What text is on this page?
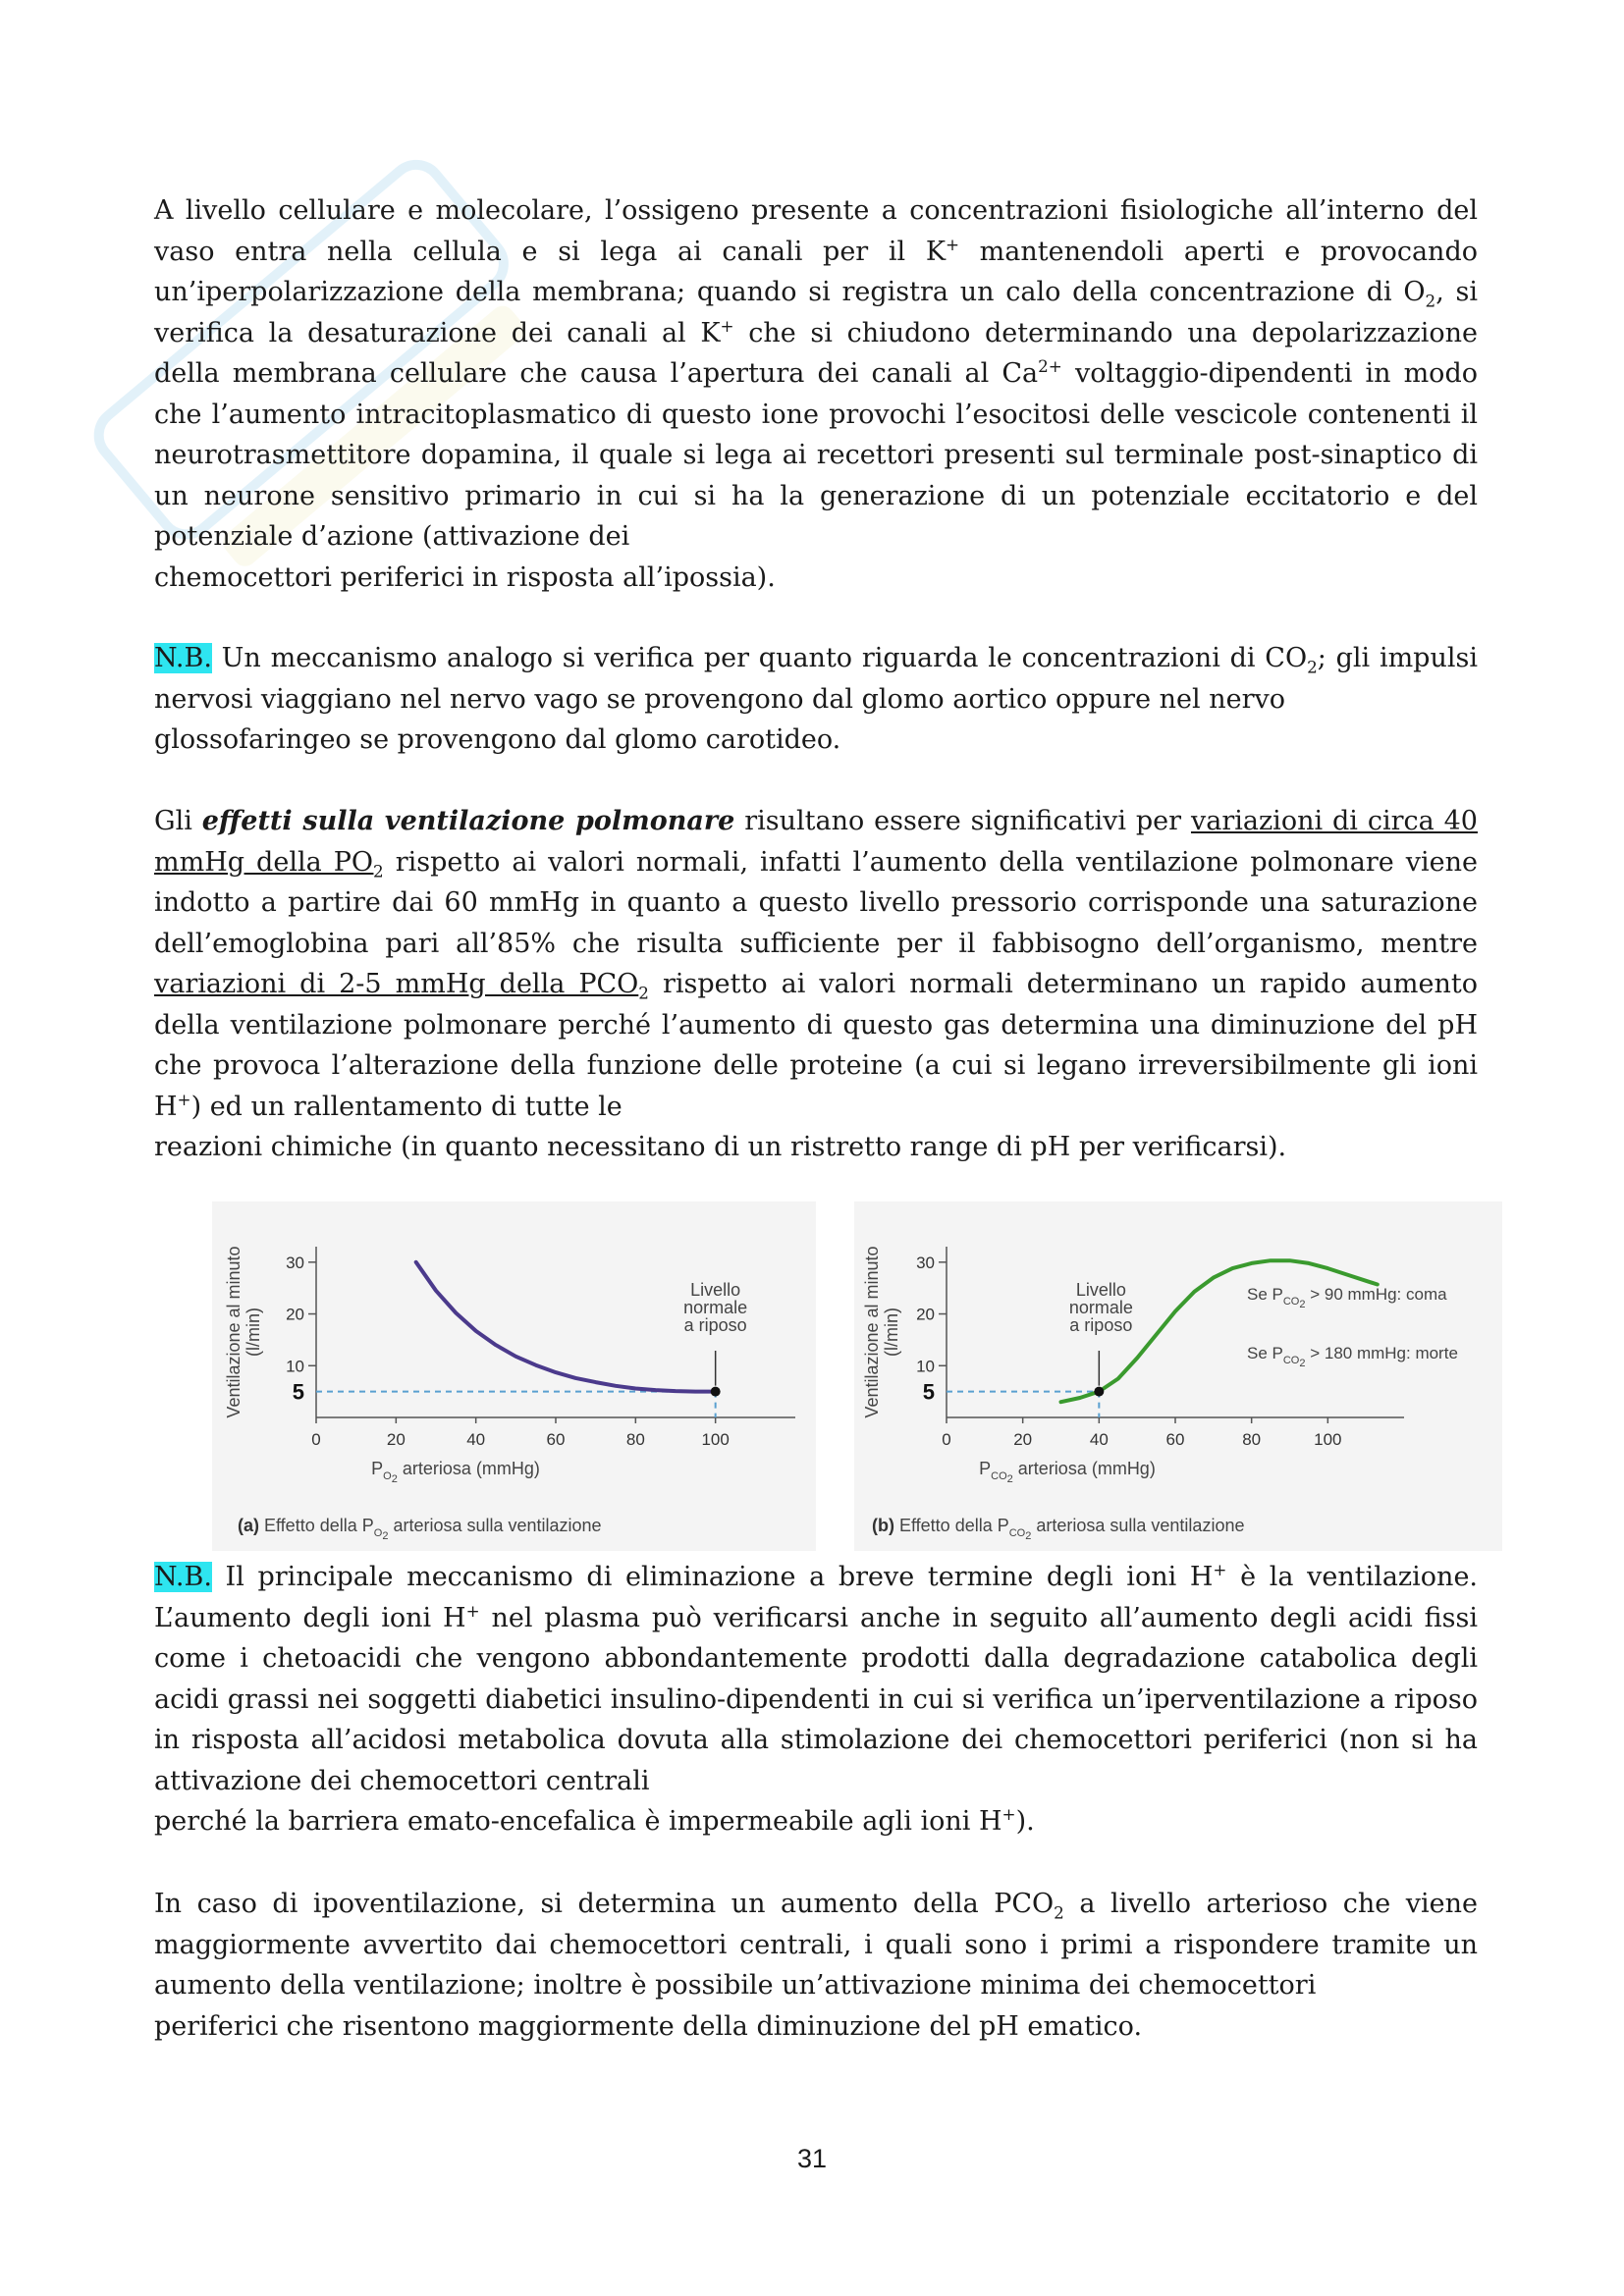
A livello cellulare e molecolare, l’ossigeno presente a concentrazioni fisiologiche all’interno del vaso entra nella cellula e si lega ai canali per il K+ mantenendoli aperti e provocando un’iperpolarizzazione della membrana; quando si registra un calo della concentrazione di $O_2$, si verifica la desaturazione dei canali al K+ che si chiudono determinando una depolarizzazione della membrana cellulare che causa l’apertura dei canali al $Ca^{2+}$ voltaggio-dipendenti in modo che l’aumento intracitoplasmatico di questo ione provochi l’esocitosi delle vescicole contenenti il neurotrasmettitore dopamina, il quale si lega ai recettori presenti sul terminale post-sinaptico di un neurone sensitivo primario in cui si ha la generazione di un potenziale eccitatorio e del potenziale d’azione (attivazione dei
chemocettori periferici in risposta all’ipossia).

N.B. Un meccanismo analogo si verifica per quanto riguarda le concentrazioni di $CO_2$; gli impulsi nervosi viaggiano nel nervo vago se provengono dal glomo aortico oppure nel nervo
glossofaringeo se provengono dal glomo carotideo.

Gli effetti sulla ventilazione polmonare risultano essere significativi per variazioni di circa 40 mmHg della $PO_2$ rispetto ai valori normali, infatti l’aumento della ventilazione polmonare viene indotto a partire dai 60 mmHg in quanto a questo livello pressorio corrisponde una saturazione dell’emoglobina pari all’85% che risulta sufficiente per il fabbisogno dell’organismo, mentre variazioni di 2-5 mmHg della $PCO_2$ rispetto ai valori normali determinano un rapido aumento della ventilazione polmonare perché l’aumento di questo gas determina una diminuzione del pH che provoca l’alterazione della funzione delle proteine (a cui si legano irreversibilmente gli ioni H+) ed un rallentamento di tutte le
reazioni chimiche (in quanto necessitano di un ristretto range di pH per verificarsi).

30
20
10
0	20	40	60	80	100
5
Livello
normale
a riposo
Ventilazione al minuto (l/min)
$P_O2$ arteriosa (mmHg)
(a) Effetto della $P_O2$ arteriosa sulla ventilazione
30
20
10
0	20	40	60	80	100
5
Livello
normale
a riposo
Ventilazione al minuto (l/min)
$P_{CO}2$ arteriosa (mmHg)
(b) Effetto della $P_{CO}2$ arteriosa sulla ventilazione
Se $P_{CO}2 > 90$ mmHg: coma
Se $P_{CO}2 > 180$ mmHg: morte

N.B. Il principale meccanismo di eliminazione a breve termine degli ioni H+ è la ventilazione. L’aumento degli ioni H+ nel plasma può verificarsi anche in seguito all’aumento degli acidi fissi come i chetoacidi che vengono abbondantemente prodotti dalla degradazione catabolica degli acidi grassi nei soggetti diabetici insulino-dipendenti in cui si verifica un’iperventilazione a riposo in risposta all’acidosi metabolica dovuta alla stimolazione dei chemocettori periferici (non si ha attivazione dei chemocettori centrali
perché la barriera emato-encefalica è impermeabile agli ioni H+).

In caso di ipoventilazione, si determina un aumento della $PCO_2$ a livello arterioso che viene maggiormente avvertito dai chemocettori centrali, i quali sono i primi a rispondere tramite un aumento della ventilazione; inoltre è possibile un’attivazione minima dei chemocettori
periferici che risentono maggiormente della diminuzione del pH ematico.

31
